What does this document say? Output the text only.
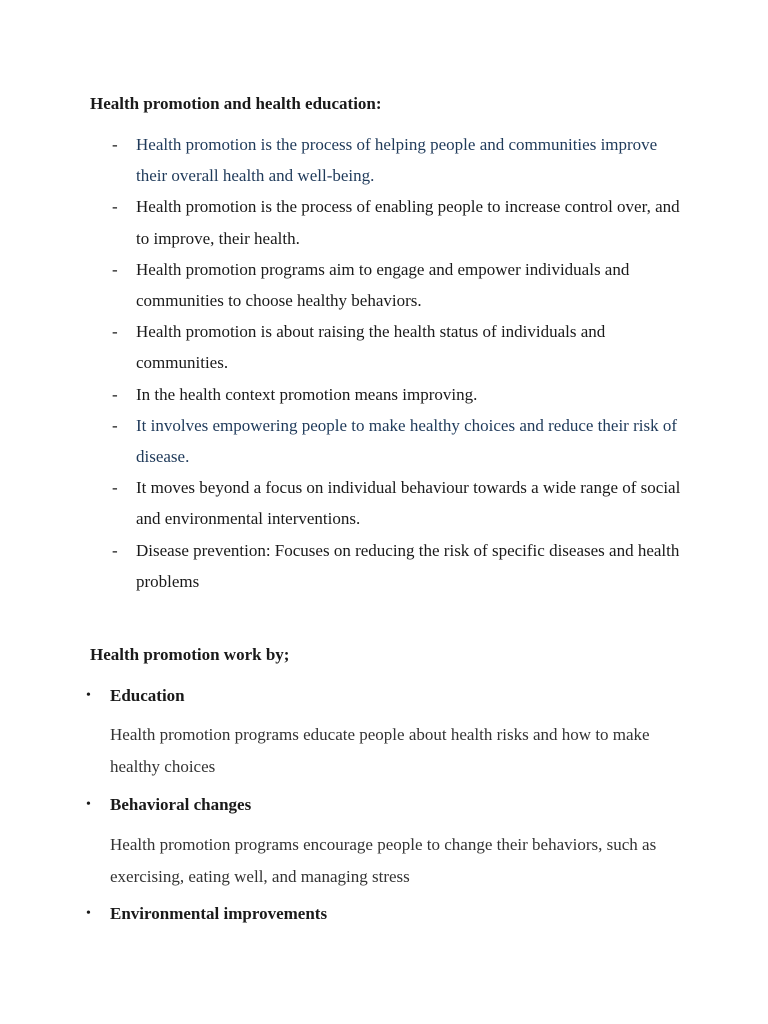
Health promotion and health education:
- Health promotion is the process of helping people and communities improve their overall health and well-being.
- Health promotion is the process of enabling people to increase control over, and to improve, their health.
- Health promotion programs aim to engage and empower individuals and communities to choose healthy behaviors.
- Health promotion is about raising the health status of individuals and communities.
- In the health context promotion means improving.
- It involves empowering people to make healthy choices and reduce their risk of disease.
- It moves beyond a focus on individual behaviour towards a wide range of social and environmental interventions.
- Disease prevention: Focuses on reducing the risk of specific diseases and health problems
Health promotion work by;
• Education
Health promotion programs educate people about health risks and how to make healthy choices
• Behavioral changes
Health promotion programs encourage people to change their behaviors, such as exercising, eating well, and managing stress
• Environmental improvements
